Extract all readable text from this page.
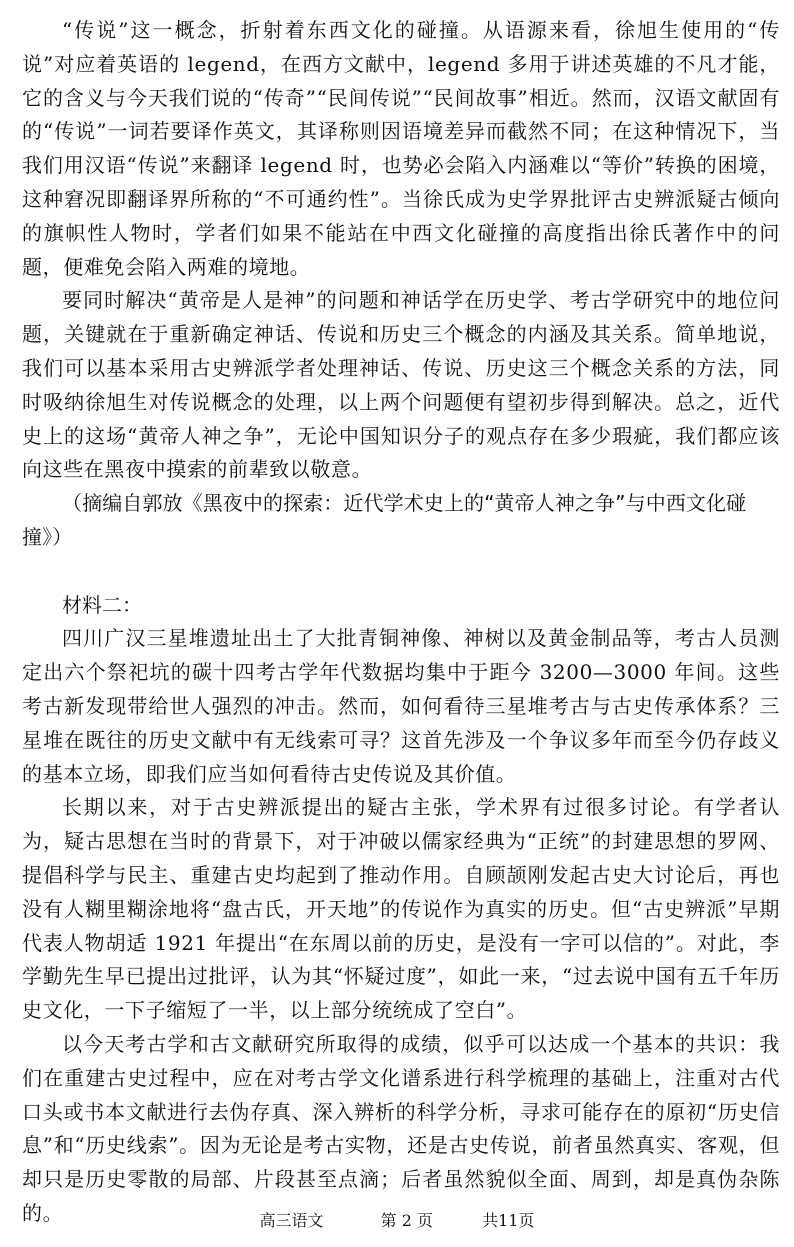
“传说”这一概念，折射着东西文化的碰撞。从语源来看，徐旭生使用的“传说”对应着英语的 legend，在西方文献中，legend 多用于讲述英雄的不凡才能，它的含义与今天我们说的“传奇”“民间传说”“民间故事”相近。然而，汉语文献固有的“传说”一词若要译作英文，其译称则因语境差异而截然不同；在这种情况下，当我们用汉语“传说”来翻译 legend 时，也势必会陷入内涵难以“等价”转换的困境，这种窘况即翻译界所称的“不可通约性”。当徐氏成为史学界批评古史辨派疑古倾向的旗帜性人物时，学者们如果不能站在中西文化碰撞的高度指出徐氏著作中的问题，便难免会陷入两难的境地。

要同时解决“黄帝是人是神”的问题和神话学在历史学、考古学研究中的地位问题，关键就在于重新确定神话、传说和历史三个概念的内涵及其关系。简单地说，我们可以基本采用古史辨派学者处理神话、传说、历史这三个概念关系的方法，同时吸纳徐旭生对传说概念的处理，以上两个问题便有望初步得到解决。总之，近代史上的这场“黄帝人神之争”，无论中国知识分子的观点存在多少瑕疵，我们都应该向这些在黑夜中摸索的前辈致以敬意。

（摘编自郭放《黑夜中的探索：近代学术史上的“黄帝人神之争”与中西文化碰撞》）

材料二：

四川广汉三星堆遗址出土了大批青铜神像、神树以及黄金制品等，考古人员测定出六个祭祀坑的碳十四考古学年代数据均集中于距今 3200—3000 年间。这些考古新发现带给世人强烈的冲击。然而，如何看待三星堆考古与古史传承体系？三星堆在既往的历史文献中有无线索可寻？这首先涉及一个争议多年而至今仍存歧义的基本立场，即我们应当如何看待古史传说及其价值。

长期以来，对于古史辨派提出的疑古主张，学术界有过很多讨论。有学者认为，疑古思想在当时的背景下，对于冲破以儒家经典为“正统”的封建思想的罗网、提倡科学与民主、重建古史均起到了推动作用。自顾颉刚发起古史大讨论后，再也没有人糊里糊涂地将“盘古氏，开天地”的传说作为真实的历史。但“古史辨派”早期代表人物胡适 1921 年提出“在东周以前的历史，是没有一字可以信的”。对此，李学勤先生早已提出过批评，认为其“怀疑过度”，如此一来，“过去说中国有五千年历史文化，一下子缩短了一半，以上部分统统成了空白”。

以今天考古学和古文献研究所取得的成绩，似乎可以达成一个基本的共识：我们在重建古史过程中，应在对考古学文化谱系进行科学梳理的基础上，注重对古代口头或书本文献进行去伪存真、深入辨析的科学分析，寻求可能存在的原初“历史信息”和“历史线索”。因为无论是考古实物，还是古史传说，前者虽然真实、客观，但却只是历史零散的局部、片段甚至点滴；后者虽然貌似全面、周到，却是真伪杂陈的。	高三语文	第 2 页	共11页
